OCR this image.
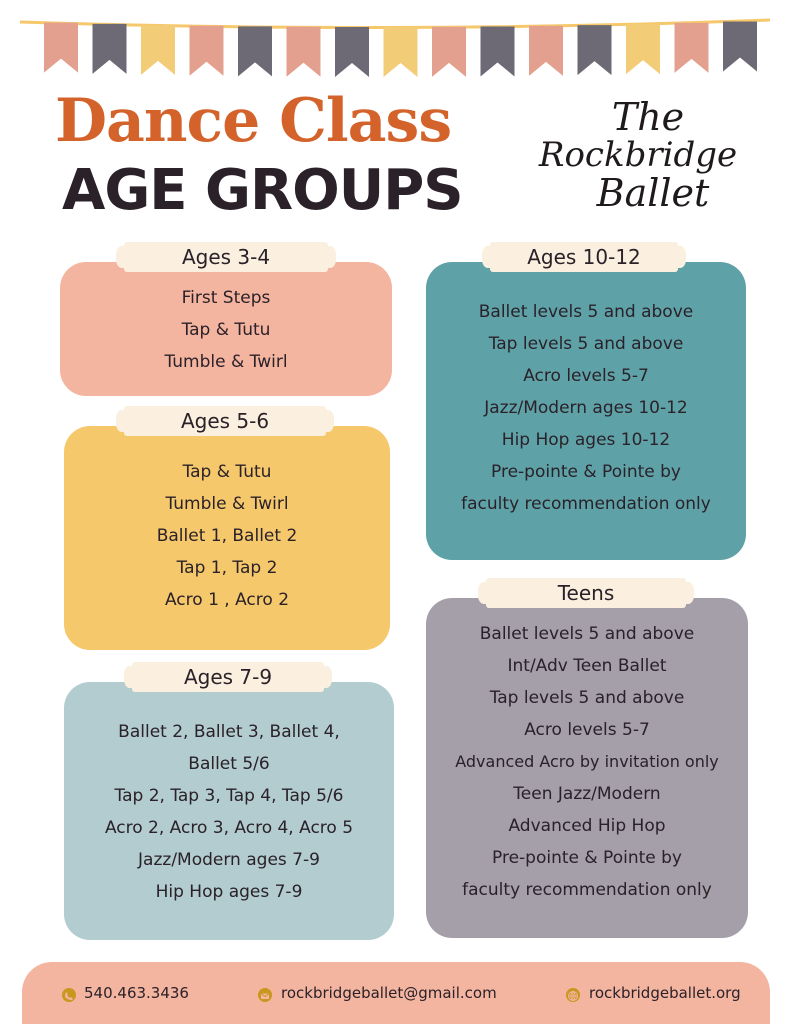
Dance Class
AGE GROUPS
The
Rockbridge
Ballet
First Steps
Tap & Tutu
Tumble & Twirl
Ages 3-4
Tap & Tutu
Tumble & Twirl
Ballet 1, Ballet 2
Tap 1, Tap 2
Acro 1 , Acro 2
Ages 5-6
Ballet 2, Ballet 3, Ballet 4,
Ballet 5/6
Tap 2, Tap 3, Tap 4, Tap 5/6
Acro 2, Acro 3, Acro 4, Acro 5
Jazz/Modern ages 7-9
Hip Hop ages 7-9
Ages 7-9
Ballet levels 5 and above
Tap levels 5 and above
Acro levels 5-7
Jazz/Modern ages 10-12
Hip Hop ages 10-12
Pre-pointe & Pointe by
faculty recommendation only
Ages 10-12
Ballet levels 5 and above
Int/Adv Teen Ballet
Tap levels 5 and above
Acro levels 5-7
Advanced Acro by invitation only
Teen Jazz/Modern
Advanced Hip Hop
Pre-pointe & Pointe by
faculty recommendation only
Teens
540.463.3436	rockbridgeballet@gmail.com	rockbridgeballet.org
